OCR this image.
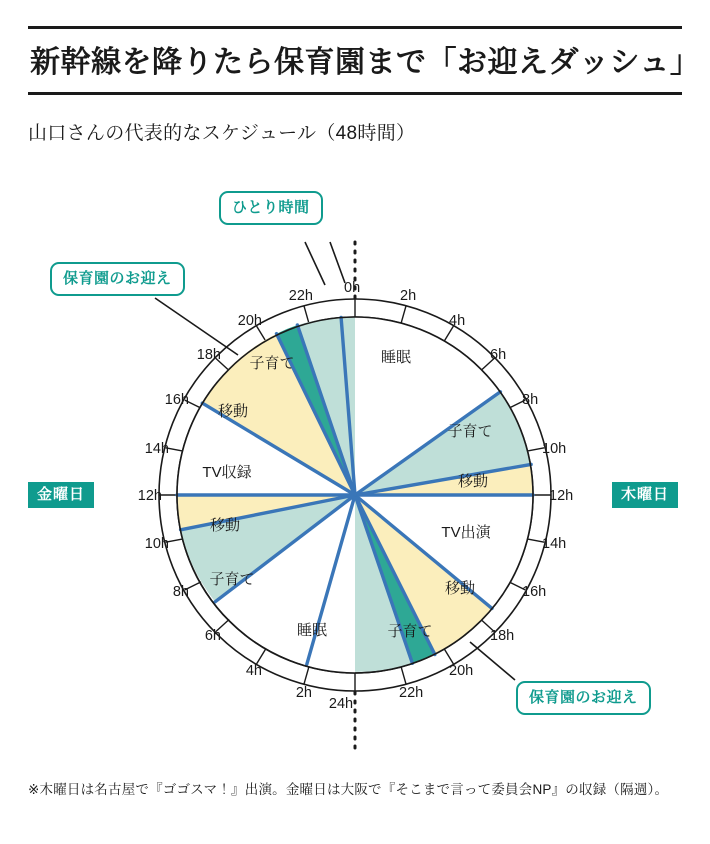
新幹線を降りたら保育園まで「お迎えダッシュ」
山口さんの代表的なスケジュール（48時間）
睡眠
子育て
移動
TV出演
移動
子育て
子育て
移動
TV収録
移動
子育て
睡眠
0h	2h
4h
6h
8h
10h
12h
14h
16h
18h
20h
22h
24h
22h
20h
18h
16h
14h
12h
10h
8h
6h
4h
2h
金曜日	木曜日
ひとり時間
保育園のお迎え
保育園のお迎え
※木曜日は名古屋で『ゴゴスマ！』出演。金曜日は大阪で『そこまで言って委員会NP』の収録（隔週）。
